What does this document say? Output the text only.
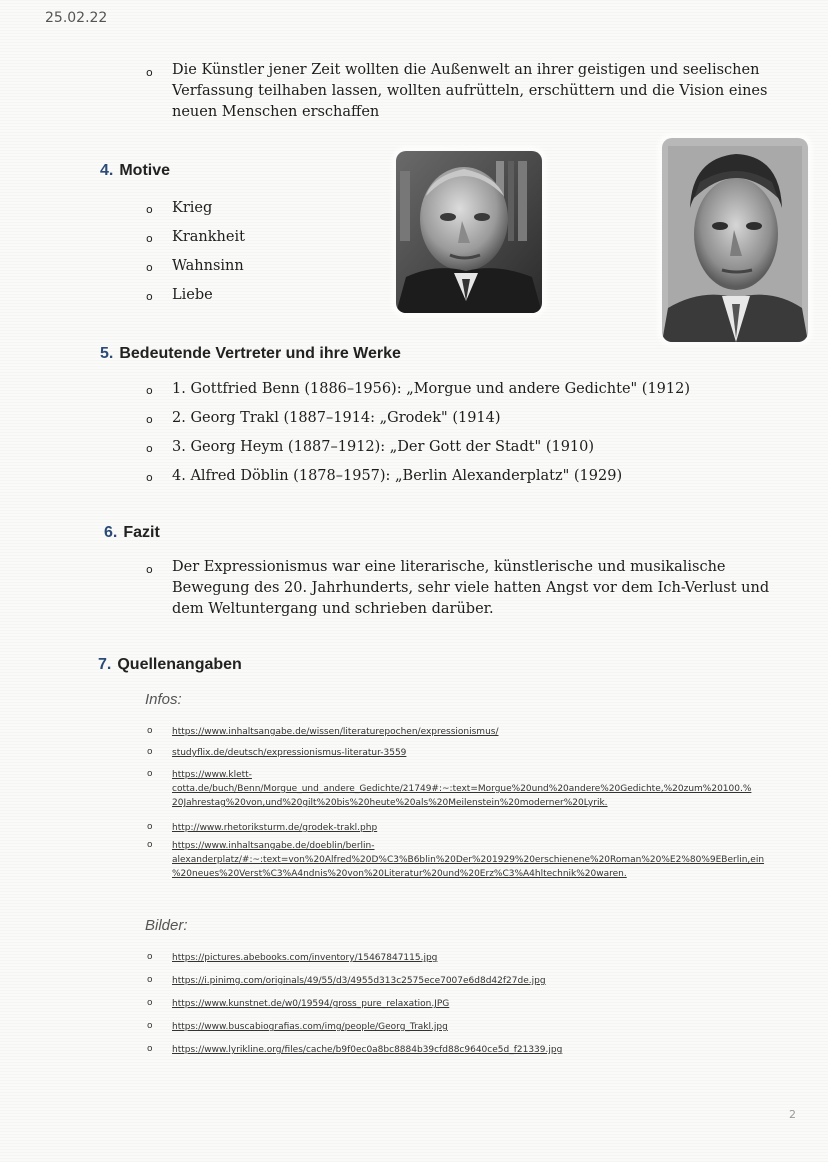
25.02.22
o Die Künstler jener Zeit wollten die Außenwelt an ihrer geistigen und seelischen Verfassung teilhaben lassen, wollten aufrütteln, erschüttern und die Vision eines neuen Menschen erschaffen
4. Motive
o Krieg
o Krankheit
o Wahnsinn
o Liebe
5. Bedeutende Vertreter und ihre Werke
o 1. Gottfried Benn (1886–1956): „Morgue und andere Gedichte" (1912)
o 2. Georg Trakl (1887–1914: „Grodek" (1914)
o 3. Georg Heym (1887–1912): „Der Gott der Stadt" (1910)
o 4. Alfred Döblin (1878–1957): „Berlin Alexanderplatz" (1929)
6. Fazit
o Der Expressionismus war eine literarische, künstlerische und musikalische Bewegung des 20. Jahrhunderts, sehr viele hatten Angst vor dem Ich-Verlust und dem Weltuntergang und schrieben darüber.
7. Quellenangaben
Infos:
o https://www.inhaltsangabe.de/wissen/literaturepochen/expressionismus/
o studyflix.de/deutsch/expressionismus-literatur-3559
o https://www.klett-
cotta.de/buch/Benn/Morgue_und_andere_Gedichte/21749#:~:text=Morgue%20und%20andere%20Gedichte,%20zum%20100.%
20Jahrestag%20von,und%20gilt%20bis%20heute%20als%20Meilenstein%20moderner%20Lyrik.
o http://www.rhetoriksturm.de/grodek-trakl.php
o https://www.inhaltsangabe.de/doeblin/berlin-
alexanderplatz/#:~:text=von%20Alfred%20D%C3%B6blin%20Der%201929%20erschienene%20Roman%20%E2%80%9EBerlin,ein
%20neues%20Verst%C3%A4ndnis%20von%20Literatur%20und%20Erz%C3%A4hltechnik%20waren.
Bilder:
o https://pictures.abebooks.com/inventory/15467847115.jpg
o https://i.pinimg.com/originals/49/55/d3/4955d313c2575ece7007e6d8d42f27de.jpg
o https://www.kunstnet.de/w0/19594/gross_pure_relaxation.JPG
o https://www.buscabiografias.com/img/people/Georg_Trakl.jpg
o https://www.lyrikline.org/files/cache/b9f0ec0a8bc8884b39cfd88c9640ce5d_f21339.jpg
2
